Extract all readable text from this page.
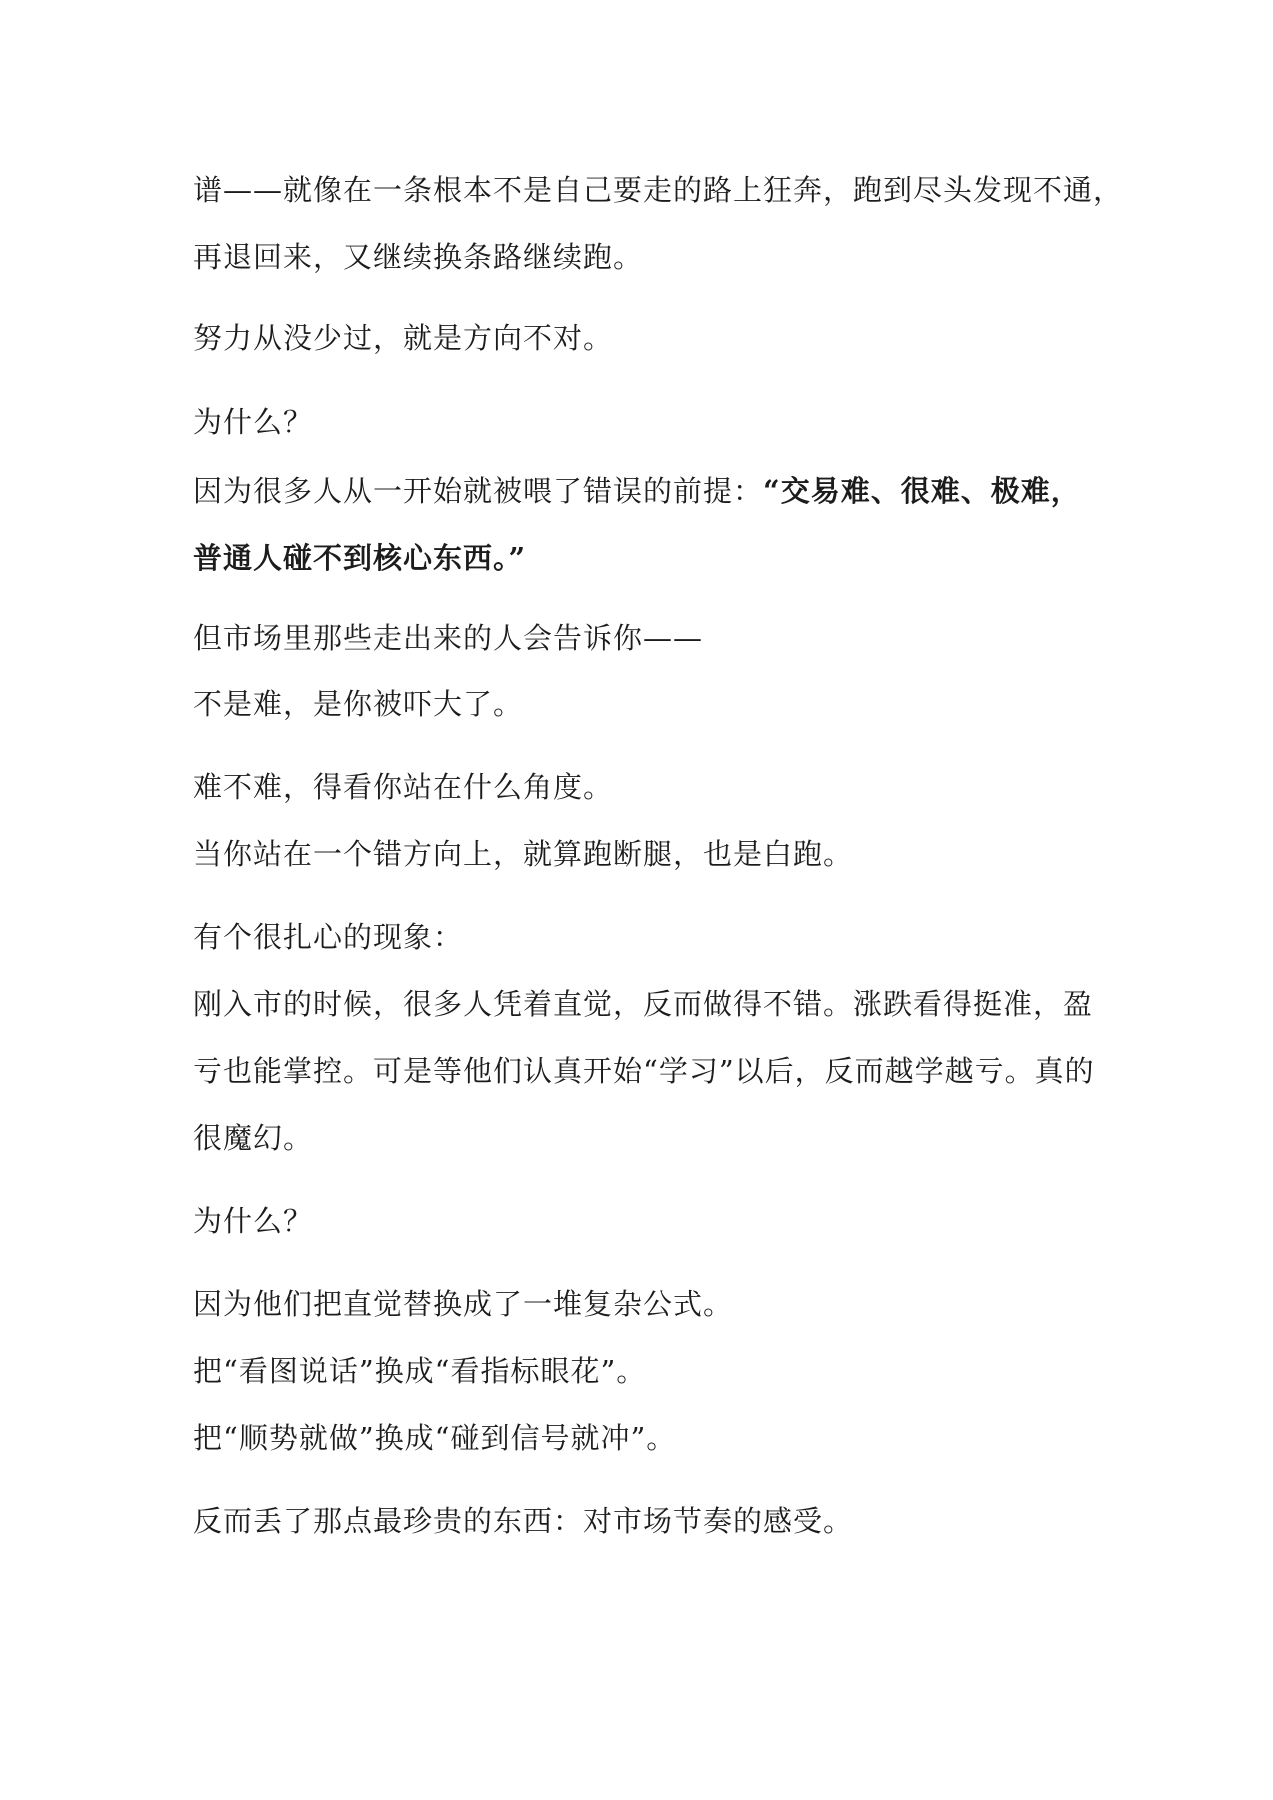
谱——就像在一条根本不是自己要走的路上狂奔，跑到尽头发现不通，
再退回来，又继续换条路继续跑。
努力从没少过，就是方向不对。
为什么？
因为很多人从一开始就被喂了错误的前提：“交易难、很难、极难，
普通人碰不到核心东西。”
但市场里那些走出来的人会告诉你——
不是难，是你被吓大了。
难不难，得看你站在什么角度。
当你站在一个错方向上，就算跑断腿，也是白跑。
有个很扎心的现象：
刚入市的时候，很多人凭着直觉，反而做得不错。涨跌看得挺准，盈
亏也能掌控。可是等他们认真开始“学习”以后，反而越学越亏。真的
很魔幻。
为什么？
因为他们把直觉替换成了一堆复杂公式。
把“看图说话”换成“看指标眼花”。
把“顺势就做”换成“碰到信号就冲”。
反而丢了那点最珍贵的东西：对市场节奏的感受。
